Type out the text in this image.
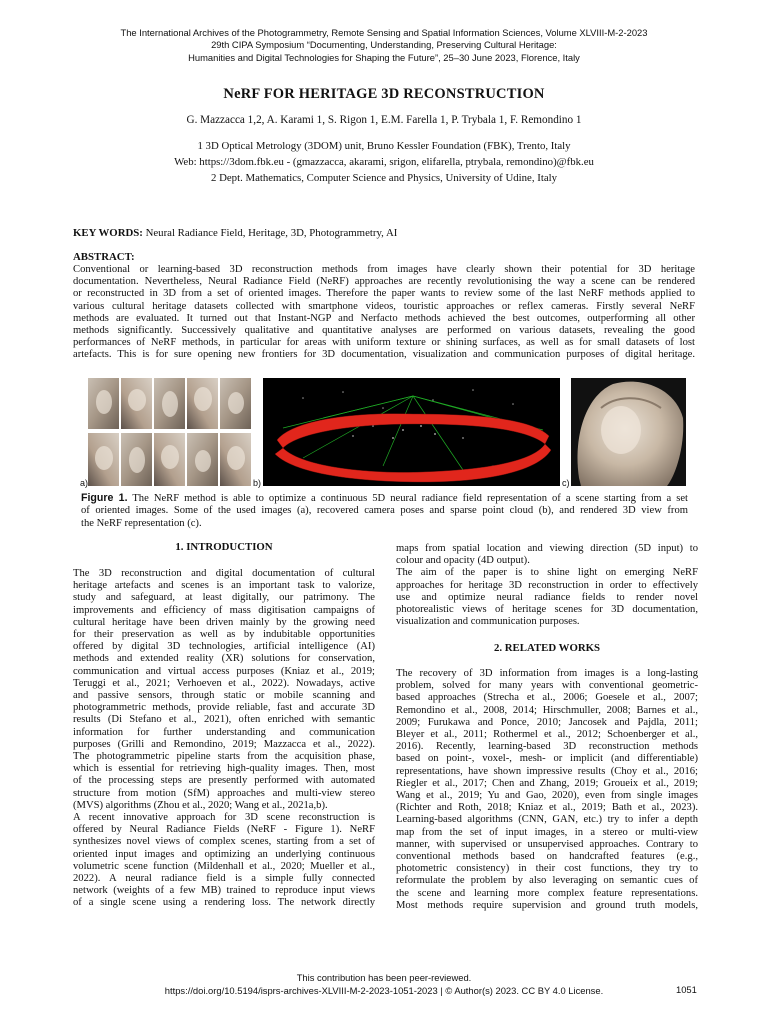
The International Archives of the Photogrammetry, Remote Sensing and Spatial Information Sciences, Volume XLVIII-M-2-2023
29th CIPA Symposium “Documenting, Understanding, Preserving Cultural Heritage:
Humanities and Digital Technologies for Shaping the Future”, 25–30 June 2023, Florence, Italy
NeRF FOR HERITAGE 3D RECONSTRUCTION
G. Mazzacca 1,2, A. Karami 1, S. Rigon 1, E.M. Farella 1, P. Trybala 1, F. Remondino 1
1 3D Optical Metrology (3DOM) unit, Bruno Kessler Foundation (FBK), Trento, Italy
Web: https://3dom.fbk.eu - (gmazzacca, akarami, srigon, elifarella, ptrybala, remondino)@fbk.eu
2 Dept. Mathematics, Computer Science and Physics, University of Udine, Italy
KEY WORDS: Neural Radiance Field, Heritage, 3D, Photogrammetry, AI
ABSTRACT:
Conventional or learning-based 3D reconstruction methods from images have clearly shown their potential for 3D heritage
documentation. Nevertheless, Neural Radiance Field (NeRF) approaches are recently revolutionising the way a scene can be rendered
or reconstructed in 3D from a set of oriented images. Therefore the paper wants to review some of the last NeRF methods applied to
various cultural heritage datasets collected with smartphone videos, touristic approaches or reflex cameras. Firstly several NeRF
methods are evaluated. It turned out that Instant-NGP and Nerfacto methods achieved the best outcomes, outperforming all other
methods significantly. Successively qualitative and quantitative analyses are performed on various datasets, revealing the good
performances of NeRF methods, in particular for areas with uniform texture or shining surfaces, as well as for small datasets of lost
artefacts. This is for sure opening new frontiers for 3D documentation, visualization and communication purposes of digital heritage.
a)	b)	c)
Figure 1. The NeRF method is able to optimize a continuous 5D neural radiance field representation of a scene starting from a set
of oriented images. Some of the used images (a), recovered camera poses and sparse point cloud (b), and rendered 3D view from
the NeRF representation (c).
1. INTRODUCTION
The 3D reconstruction and digital documentation of cultural
heritage artefacts and scenes is an important task to valorize,
study and safeguard, at least digitally, our patrimony. The
improvements and efficiency of mass digitisation campaigns of
cultural heritage have been driven mainly by the growing need
for their preservation as well as by indubitable opportunities
offered by digital 3D technologies, artificial intelligence (AI)
methods and extended reality (XR) solutions for conservation,
communication and virtual access purposes (Kniaz et al., 2019;
Teruggi et al., 2021; Verhoeven et al., 2022). Nowadays, active
and passive sensors, through static or mobile scanning and
photogrammetric methods, provide reliable, fast and accurate 3D
results (Di Stefano et al., 2021), often enriched with semantic
information for further understanding and communication
purposes (Grilli and Remondino, 2019; Mazzacca et al., 2022).
The photogrammetric pipeline starts from the acquisition phase,
which is essential for retrieving high-quality images. Then, most
of the processing steps are presently performed with automated
structure from motion (SfM) approaches and multi-view stereo
(MVS) algorithms (Zhou et al., 2020; Wang et al., 2021a,b).
A recent innovative approach for 3D scene reconstruction is
offered by Neural Radiance Fields (NeRF - Figure 1). NeRF
synthesizes novel views of complex scenes, starting from a set of
oriented input images and optimizing an underlying continuous
volumetric scene function (Mildenhall et al., 2020; Mueller et al.,
2022). A neural radiance field is a simple fully connected
network (weights of a few MB) trained to reproduce input views
of a single scene using a rendering loss. The network directly
maps from spatial location and viewing direction (5D input) to
colour and opacity (4D output).
The aim of the paper is to shine light on emerging NeRF
approaches for heritage 3D reconstruction in order to effectively
use and optimize neural radiance fields to render novel
photorealistic views of heritage scenes for 3D documentation,
visualization and communication purposes.
2. RELATED WORKS
The recovery of 3D information from images is a long-lasting
problem, solved for many years with conventional geometric-
based approaches (Strecha et al., 2006; Goesele et al., 2007;
Remondino et al., 2008, 2014; Hirschmuller, 2008; Barnes et al.,
2009; Furukawa and Ponce, 2010; Jancosek and Pajdla, 2011;
Bleyer et al., 2011; Rothermel et al., 2012; Schoenberger et al.,
2016). Recently, learning-based 3D reconstruction methods
based on point-, voxel-, mesh- or implicit (and differentiable)
representations, have shown impressive results (Choy et al., 2016;
Riegler et al., 2017; Chen and Zhang, 2019; Groueix et al., 2019;
Wang et al., 2019; Yu and Gao, 2020), even from single images
(Richter and Roth, 2018; Kniaz et al., 2019; Bath et al., 2023).
Learning-based algorithms (CNN, GAN, etc.) try to infer a depth
map from the set of input images, in a stereo or multi-view
manner, with supervised or unsupervised approaches. Contrary to
conventional methods based on handcrafted features (e.g.,
photometric consistency) in their cost functions, they try to
reformulate the problem by also leveraging on semantic cues of
the scene and learning more complex feature representations.
Most methods require supervision and ground truth models,
This contribution has been peer-reviewed.
https://doi.org/10.5194/isprs-archives-XLVIII-M-2-2023-1051-2023 | © Author(s) 2023. CC BY 4.0 License.	1051
